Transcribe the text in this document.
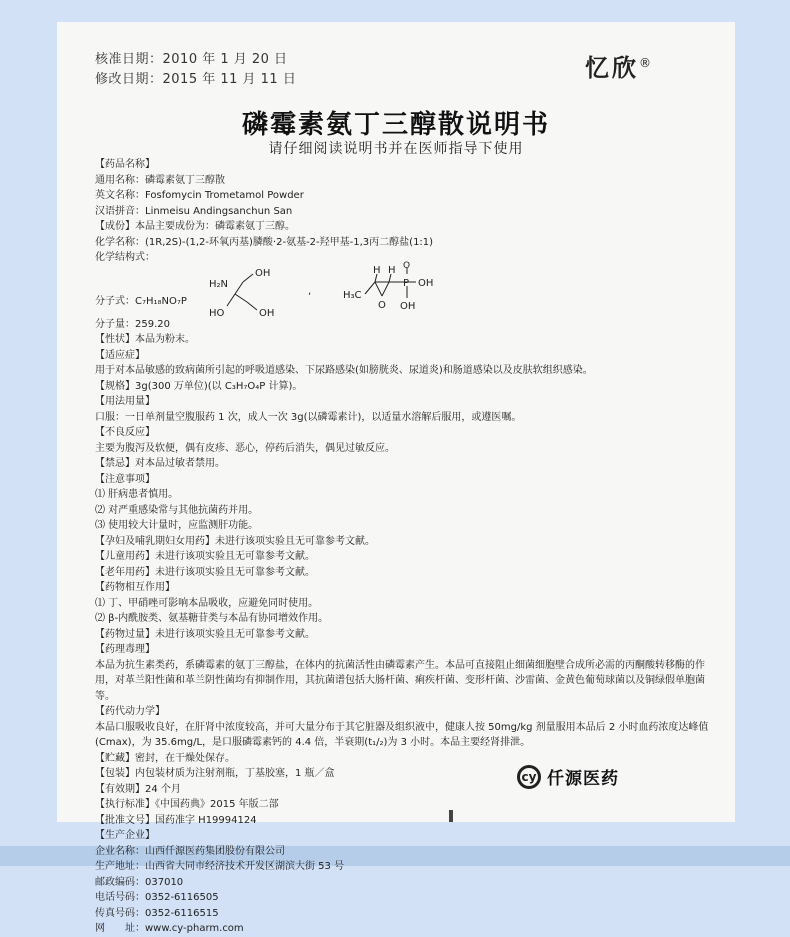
核准日期：2010 年 1 月 20 日
修改日期：2015 年 11 月 11 日	忆欣®
磷霉素氨丁三醇散说明书
请仔细阅读说明书并在医师指导下使用
【药品名称】
通用名称：磷霉素氨丁三醇散
英文名称：Fosfomycin Trometamol Powder
汉语拼音：Linmeisu Andingsanchun San
【成份】本品主要成份为：磷霉素氨丁三醇。
化学名称：(1R,2S)-(1,2-环氧丙基)膦酸·2-氨基-2-羟甲基-1,3丙二醇盐(1:1)
化学结构式：
分子式：C₇H₁₈NO₇P
OH
H₂N
HO	OH
,
H H
H₃C
O
P
O
OH
OH
分子量：259.20
【性状】本品为粉末。
【适应症】
用于对本品敏感的致病菌所引起的呼吸道感染、下尿路感染(如膀胱炎、尿道炎)和肠道感染以及皮肤软组织感染。
【规格】3g(300 万单位)(以 C₃H₇O₄P 计算)。
【用法用量】
口服：一日单剂量空腹服药 1 次，成人一次 3g(以磷霉素计)，以适量水溶解后服用，或遵医嘱。
【不良反应】
主要为腹泻及软便，偶有皮疹、恶心，停药后消失，偶见过敏反应。
【禁忌】对本品过敏者禁用。
【注意事项】
⑴ 肝病患者慎用。
⑵ 对严重感染常与其他抗菌药并用。
⑶ 使用较大计量时，应监测肝功能。
【孕妇及哺乳期妇女用药】未进行该项实验且无可靠参考文献。
【儿童用药】未进行该项实验且无可靠参考文献。
【老年用药】未进行该项实验且无可靠参考文献。
【药物相互作用】
⑴ 丁、甲硝唑可影响本品吸收，应避免同时使用。
⑵ β-内酰胺类、氨基糖苷类与本品有协同增效作用。
【药物过量】未进行该项实验且无可靠参考文献。
【药理毒理】
本品为抗生素类药，系磷霉素的氨丁三醇盐，在体内的抗菌活性由磷霉素产生。本品可直接阻止细菌细胞壁合成所必需的丙酮酸转移酶的作用，对革兰阳性菌和革兰阴性菌均有抑制作用，其抗菌谱包括大肠杆菌、痢疾杆菌、变形杆菌、沙雷菌、金黄色葡萄球菌以及铜绿假单胞菌等。
【药代动力学】
本品口服吸收良好，在肝肾中浓度较高，并可大量分布于其它脏器及组织液中，健康人按 50mg/kg 剂量服用本品后 2 小时血药浓度达峰值(Cmax)，为 35.6mg/L，是口服磷霉素钙的 4.4 倍，半衰期(t₁/₂)为 3 小时。本品主要经肾排泄。
【贮藏】密封，在干燥处保存。
【包装】内包装材质为注射剂瓶，丁基胶塞，1 瓶／盒
【有效期】24 个月
【执行标准】《中国药典》2015 年版二部
【批准文号】国药准字 H19994124
【生产企业】
企业名称：山西仟源医药集团股份有限公司
生产地址：山西省大同市经济技术开发区湖滨大街 53 号
邮政编码：037010
电话号码：0352-6116505
传真号码：0352-6116515
网　　址：www.cy-pharm.com
cy 仟源医药
